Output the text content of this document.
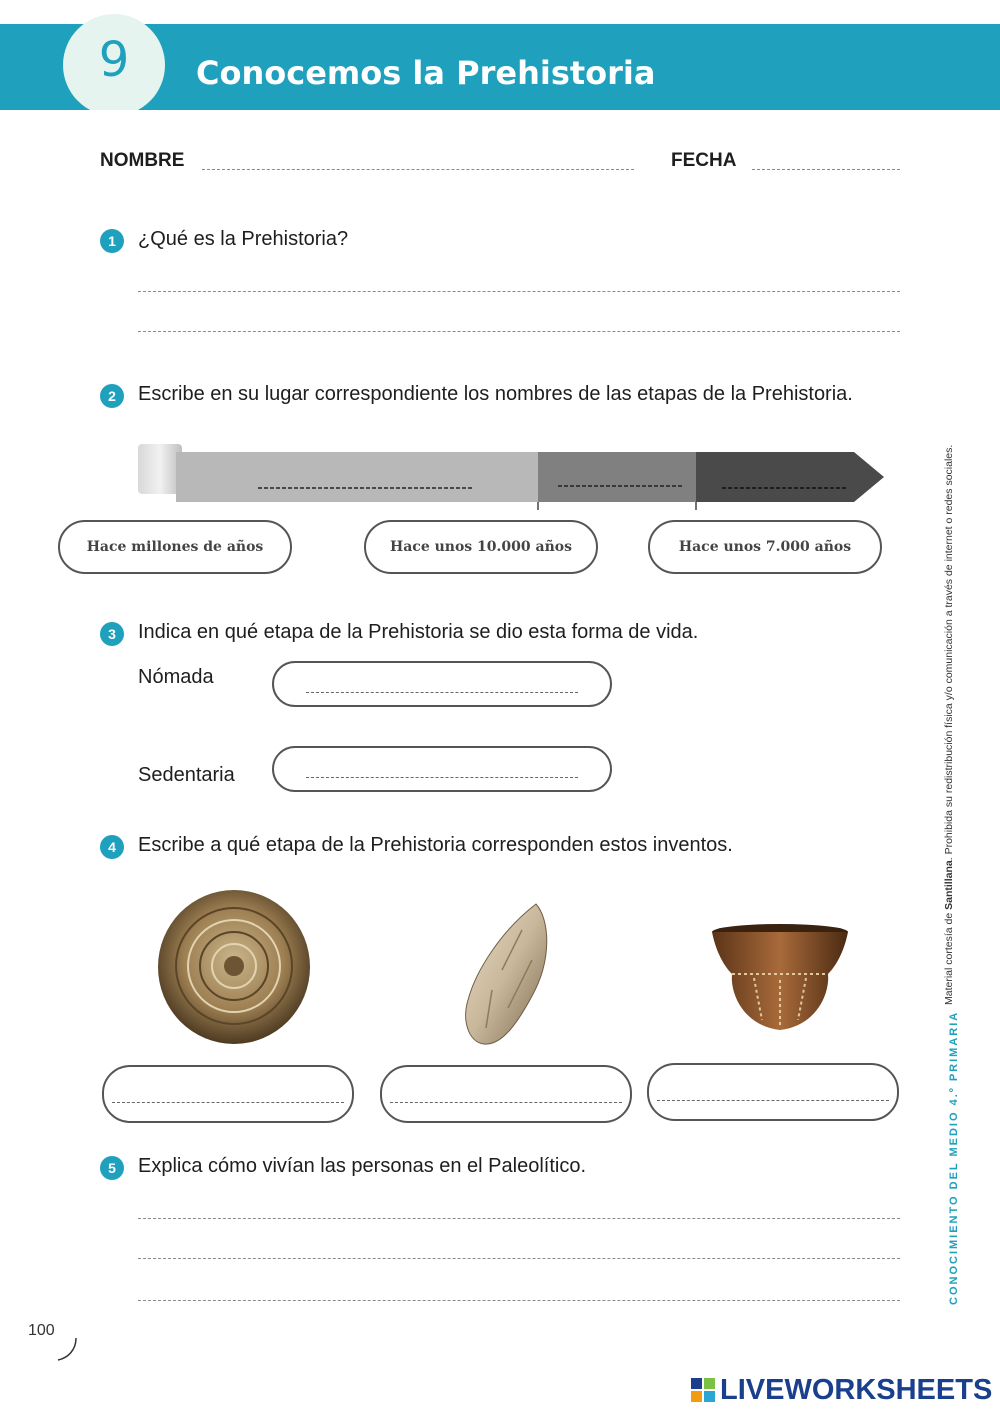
9	Conocemos la Prehistoria
NOMBRE	FECHA
1	¿Qué es la Prehistoria?
2	Escribe en su lugar correspondiente los nombres de las etapas de la Prehistoria.
Hace millones de años	Hace unos 10.000 años	Hace unos 7.000 años
3	Indica en qué etapa de la Prehistoria se dio esta forma de vida.
Nómada
Sedentaria
4	Escribe a qué etapa de la Prehistoria corresponden estos inventos.
5	Explica cómo vivían las personas en el Paleolítico.
Material cortesía de Santillana. Prohibida su redistribución física y/o comunicación a través de internet o redes sociales.
CONOCIMIENTO DEL MEDIO 4.º PRIMARIA
100
LIVEWORKSHEETS
